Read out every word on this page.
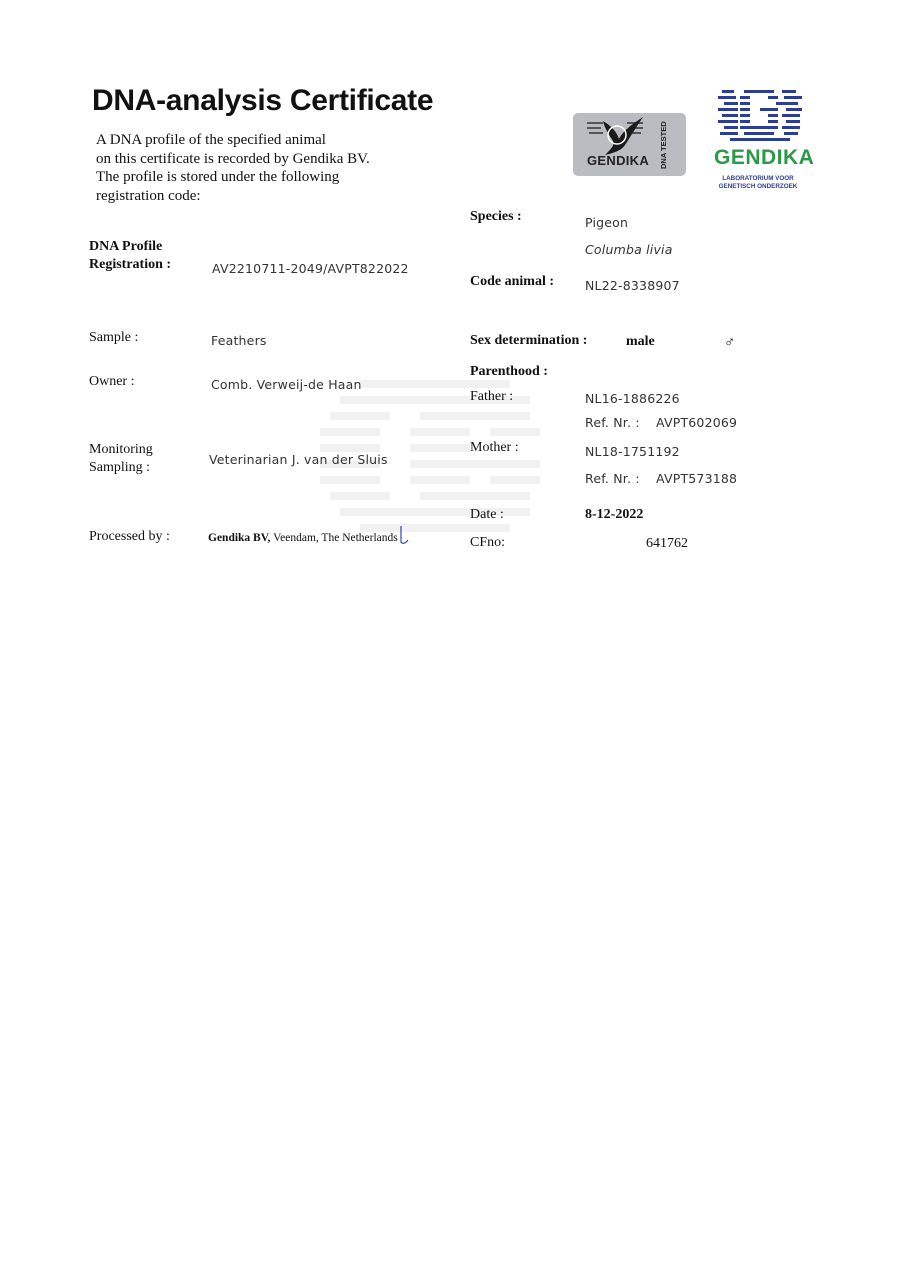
DNA-analysis Certificate
A DNA profile of the specified animal
on this certificate is recorded by Gendika BV.
The profile is stored under the following
registration code:
GENDIKA DNA TESTED	GENDIKA
LABORATORIUM VOOR
GENETISCH ONDERZOEK
DNA Profile
Registration :	AV2210711-2049/AVPT822022
Sample :	Feathers
Owner :	Comb. Verweij-de Haan
Monitoring
Sampling :
Veterinarian J. van der Sluis
Processed by :	Gendika BV, Veendam, The Netherlands
Species :	Pigeon
Columba livia
Code animal : NL22-8338907
Sex determination :	male	♂
Parenthood :
Father :	NL16-1886226
Ref. Nr. : AVPT602069
Mother :	NL18-1751192
Ref. Nr. : AVPT573188
Date :	8-12-2022
CFno:	641762
